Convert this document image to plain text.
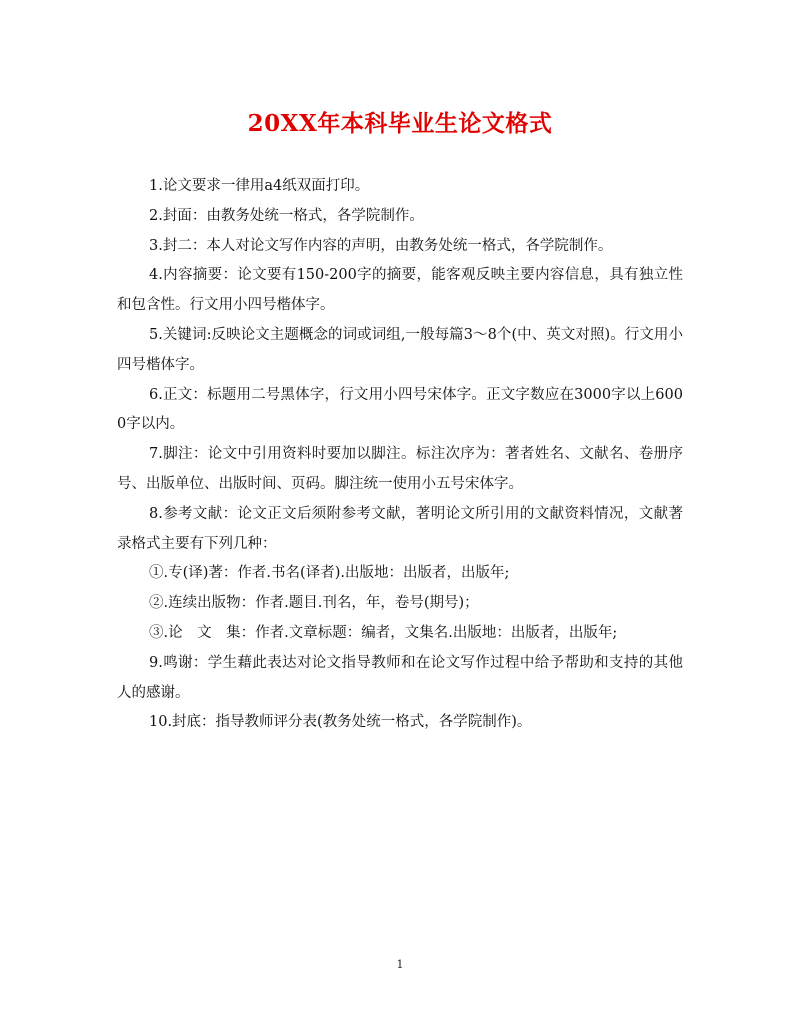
20XX年本科毕业生论文格式

1.论文要求一律用a4纸双面打印。

2.封面：由教务处统一格式，各学院制作。

3.封二：本人对论文写作内容的声明，由教务处统一格式，各学院制作。

4.内容摘要：论文要有150-200字的摘要，能客观反映主要内容信息，具有独立性和包含性。行文用小四号楷体字。

5.关键词:反映论文主题概念的词或词组,一般每篇3～8个(中、英文对照)。行文用小四号楷体字。

6.正文：标题用二号黑体字，行文用小四号宋体字。正文字数应在3000字以上6000字以内。

7.脚注：论文中引用资料时要加以脚注。标注次序为：著者姓名、文献名、卷册序号、出版单位、出版时间、页码。脚注统一使用小五号宋体字。

8.参考文献：论文正文后须附参考文献，著明论文所引用的文献资料情况，文献著录格式主要有下列几种：

①.专(译)著：作者.书名(译者).出版地：出版者，出版年;

②.连续出版物：作者.题目.刊名，年，卷号(期号)；

③.论　文　集：作者.文章标题：编者，文集名.出版地：出版者，出版年;

9.鸣谢：学生藉此表达对论文指导教师和在论文写作过程中给予帮助和支持的其他人的感谢。

10.封底：指导教师评分表(教务处统一格式，各学院制作)。

1
